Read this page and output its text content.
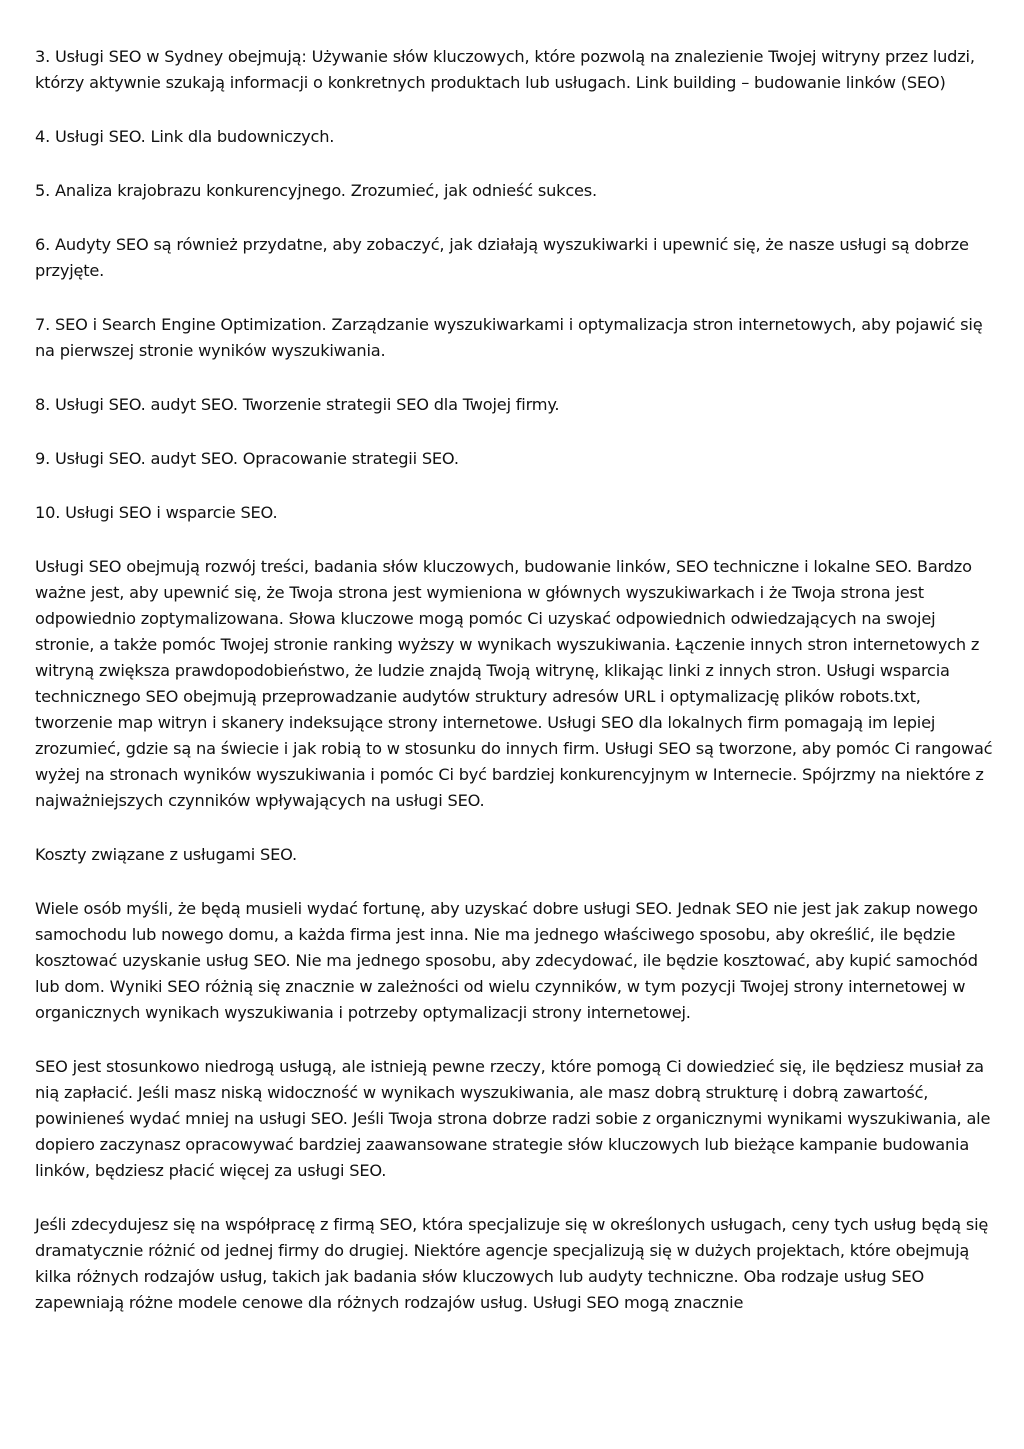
3. Usługi SEO w Sydney obejmują: Używanie słów kluczowych, które pozwolą na znalezienie Twojej witryny przez ludzi, którzy aktywnie szukają informacji o konkretnych produktach lub usługach. Link building – budowanie linków (SEO)

4. Usługi SEO. Link dla budowniczych.

5. Analiza krajobrazu konkurencyjnego. Zrozumieć, jak odnieść sukces.

6. Audyty SEO są również przydatne, aby zobaczyć, jak działają wyszukiwarki i upewnić się, że nasze usługi są dobrze przyjęte.

7. SEO i Search Engine Optimization. Zarządzanie wyszukiwarkami i optymalizacja stron internetowych, aby pojawić się na pierwszej stronie wyników wyszukiwania.

8. Usługi SEO. audyt SEO. Tworzenie strategii SEO dla Twojej firmy.

9. Usługi SEO. audyt SEO. Opracowanie strategii SEO.

10. Usługi SEO i wsparcie SEO.

Usługi SEO obejmują rozwój treści, badania słów kluczowych, budowanie linków, SEO techniczne i lokalne SEO. Bardzo ważne jest, aby upewnić się, że Twoja strona jest wymieniona w głównych wyszukiwarkach i że Twoja strona jest odpowiednio zoptymalizowana. Słowa kluczowe mogą pomóc Ci uzyskać odpowiednich odwiedzających na swojej stronie, a także pomóc Twojej stronie ranking wyższy w wynikach wyszukiwania. Łączenie innych stron internetowych z witryną zwiększa prawdopodobieństwo, że ludzie znajdą Twoją witrynę, klikając linki z innych stron. Usługi wsparcia technicznego SEO obejmują przeprowadzanie audytów struktury adresów URL i optymalizację plików robots.txt, tworzenie map witryn i skanery indeksujące strony internetowe. Usługi SEO dla lokalnych firm pomagają im lepiej zrozumieć, gdzie są na świecie i jak robią to w stosunku do innych firm. Usługi SEO są tworzone, aby pomóc Ci rangować wyżej na stronach wyników wyszukiwania i pomóc Ci być bardziej konkurencyjnym w Internecie. Spójrzmy na niektóre z najważniejszych czynników wpływających na usługi SEO.

Koszty związane z usługami SEO.

Wiele osób myśli, że będą musieli wydać fortunę, aby uzyskać dobre usługi SEO. Jednak SEO nie jest jak zakup nowego samochodu lub nowego domu, a każda firma jest inna. Nie ma jednego właściwego sposobu, aby określić, ile będzie kosztować uzyskanie usług SEO. Nie ma jednego sposobu, aby zdecydować, ile będzie kosztować, aby kupić samochód lub dom. Wyniki SEO różnią się znacznie w zależności od wielu czynników, w tym pozycji Twojej strony internetowej w organicznych wynikach wyszukiwania i potrzeby optymalizacji strony internetowej.

SEO jest stosunkowo niedrogą usługą, ale istnieją pewne rzeczy, które pomogą Ci dowiedzieć się, ile będziesz musiał za nią zapłacić. Jeśli masz niską widoczność w wynikach wyszukiwania, ale masz dobrą strukturę i dobrą zawartość, powinieneś wydać mniej na usługi SEO. Jeśli Twoja strona dobrze radzi sobie z organicznymi wynikami wyszukiwania, ale dopiero zaczynasz opracowywać bardziej zaawansowane strategie słów kluczowych lub bieżące kampanie budowania linków, będziesz płacić więcej za usługi SEO.

Jeśli zdecydujesz się na współpracę z firmą SEO, która specjalizuje się w określonych usługach, ceny tych usług będą się dramatycznie różnić od jednej firmy do drugiej. Niektóre agencje specjalizują się w dużych projektach, które obejmują kilka różnych rodzajów usług, takich jak badania słów kluczowych lub audyty techniczne. Oba rodzaje usług SEO zapewniają różne modele cenowe dla różnych rodzajów usług. Usługi SEO mogą znacznie
